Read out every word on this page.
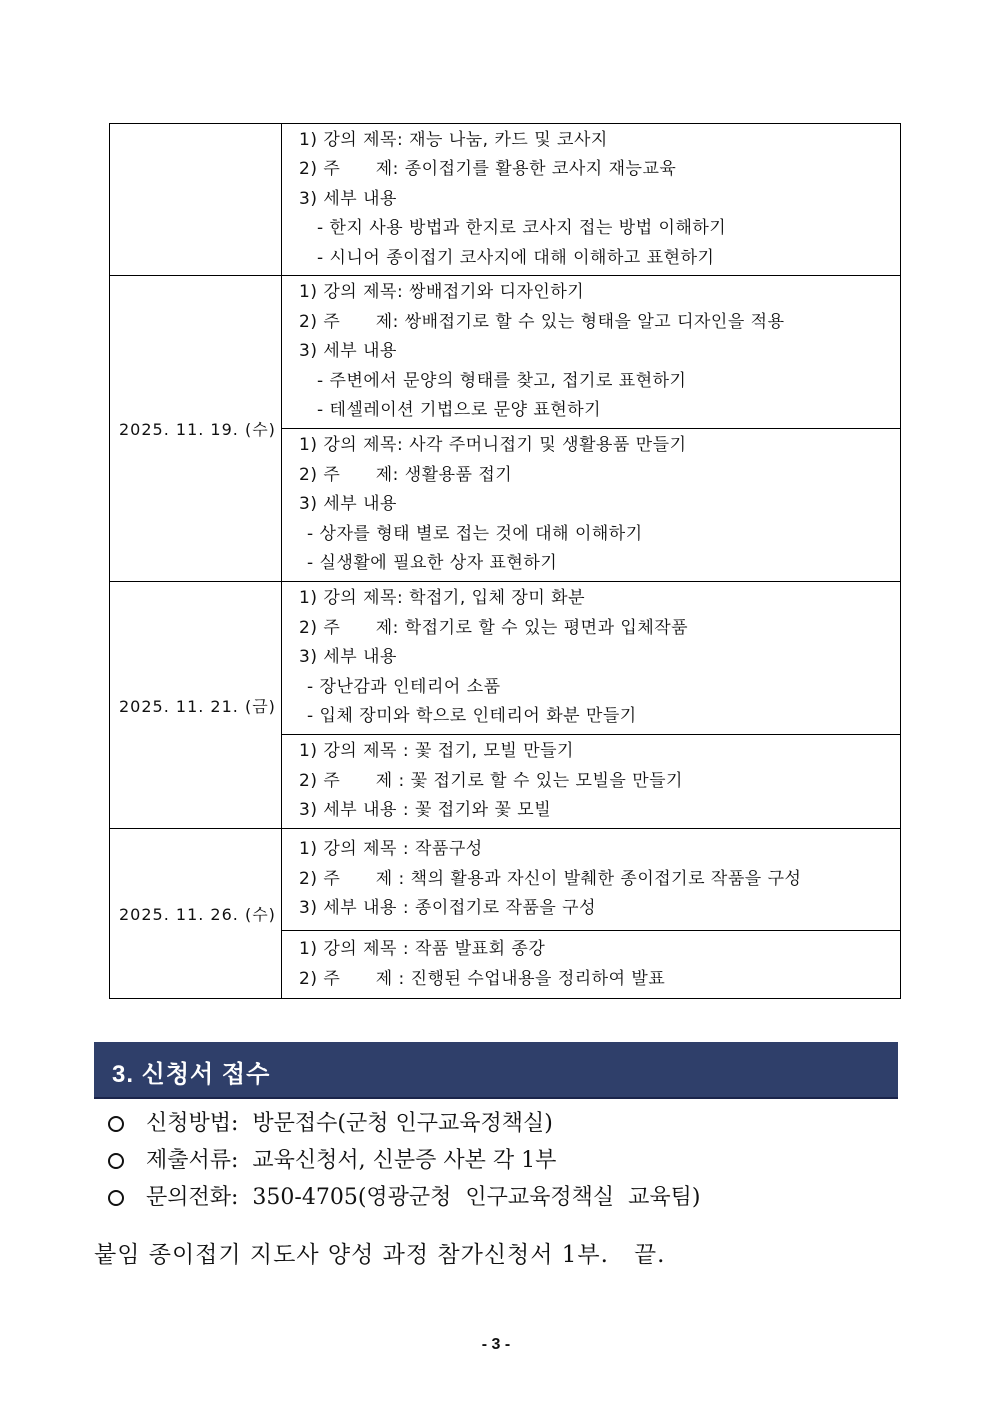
	1) 강의 제목: 재능 나눔, 카드 및 코사지
2) 주      제: 종이접기를 활용한 코사지 재능교육
3) 세부 내용
- 한지 사용 방법과 한지로 코사지 접는 방법 이해하기
- 시니어 종이접기 코사지에 대해 이해하고 표현하기

2025. 11. 19. (수)	1) 강의 제목: 쌍배접기와 디자인하기
2) 주      제: 쌍배접기로 할 수 있는 형태을 알고 디자인을 적용
3) 세부 내용
- 주변에서 문양의 형태를 찾고, 접기로 표현하기
- 테셀레이션 기법으로 문양 표현하기

	1) 강의 제목: 사각 주머니접기 및 생활용품 만들기
2) 주      제: 생활용품 접기
3) 세부 내용
- 상자를 형태 별로 접는 것에 대해 이해하기
- 실생활에 필요한 상자 표현하기

2025. 11. 21. (금)	1) 강의 제목: 학접기, 입체 장미 화분
2) 주      제: 학접기로 할 수 있는 평면과 입체작품
3) 세부 내용
- 장난감과 인테리어 소품
- 입체 장미와 학으로 인테리어 화분 만들기

	1) 강의 제목 : 꽃 접기, 모빌 만들기
2) 주      제 : 꽃 접기로 할 수 있는 모빌을 만들기
3) 세부 내용 : 꽃 접기와 꽃 모빌

2025. 11. 26. (수)	1) 강의 제목 : 작품구성
2) 주      제 : 책의 활용과 자신이 발췌한 종이접기로 작품을 구성
3) 세부 내용 : 종이접기로 작품을 구성

	1) 강의 제목 : 작품 발표회 종강
2) 주      제 : 진행된 수업내용을 정리하여 발표
3. 신청서 접수
신청방법:  방문접수(군청 인구교육정책실)
제출서류:  교육신청서, 신분증 사본 각 1부
문의전화:  350-4705(영광군청  인구교육정책실  교육팀)
붙임 종이접기 지도사 양성 과정 참가신청서 1부.   끝.
- 3 -
